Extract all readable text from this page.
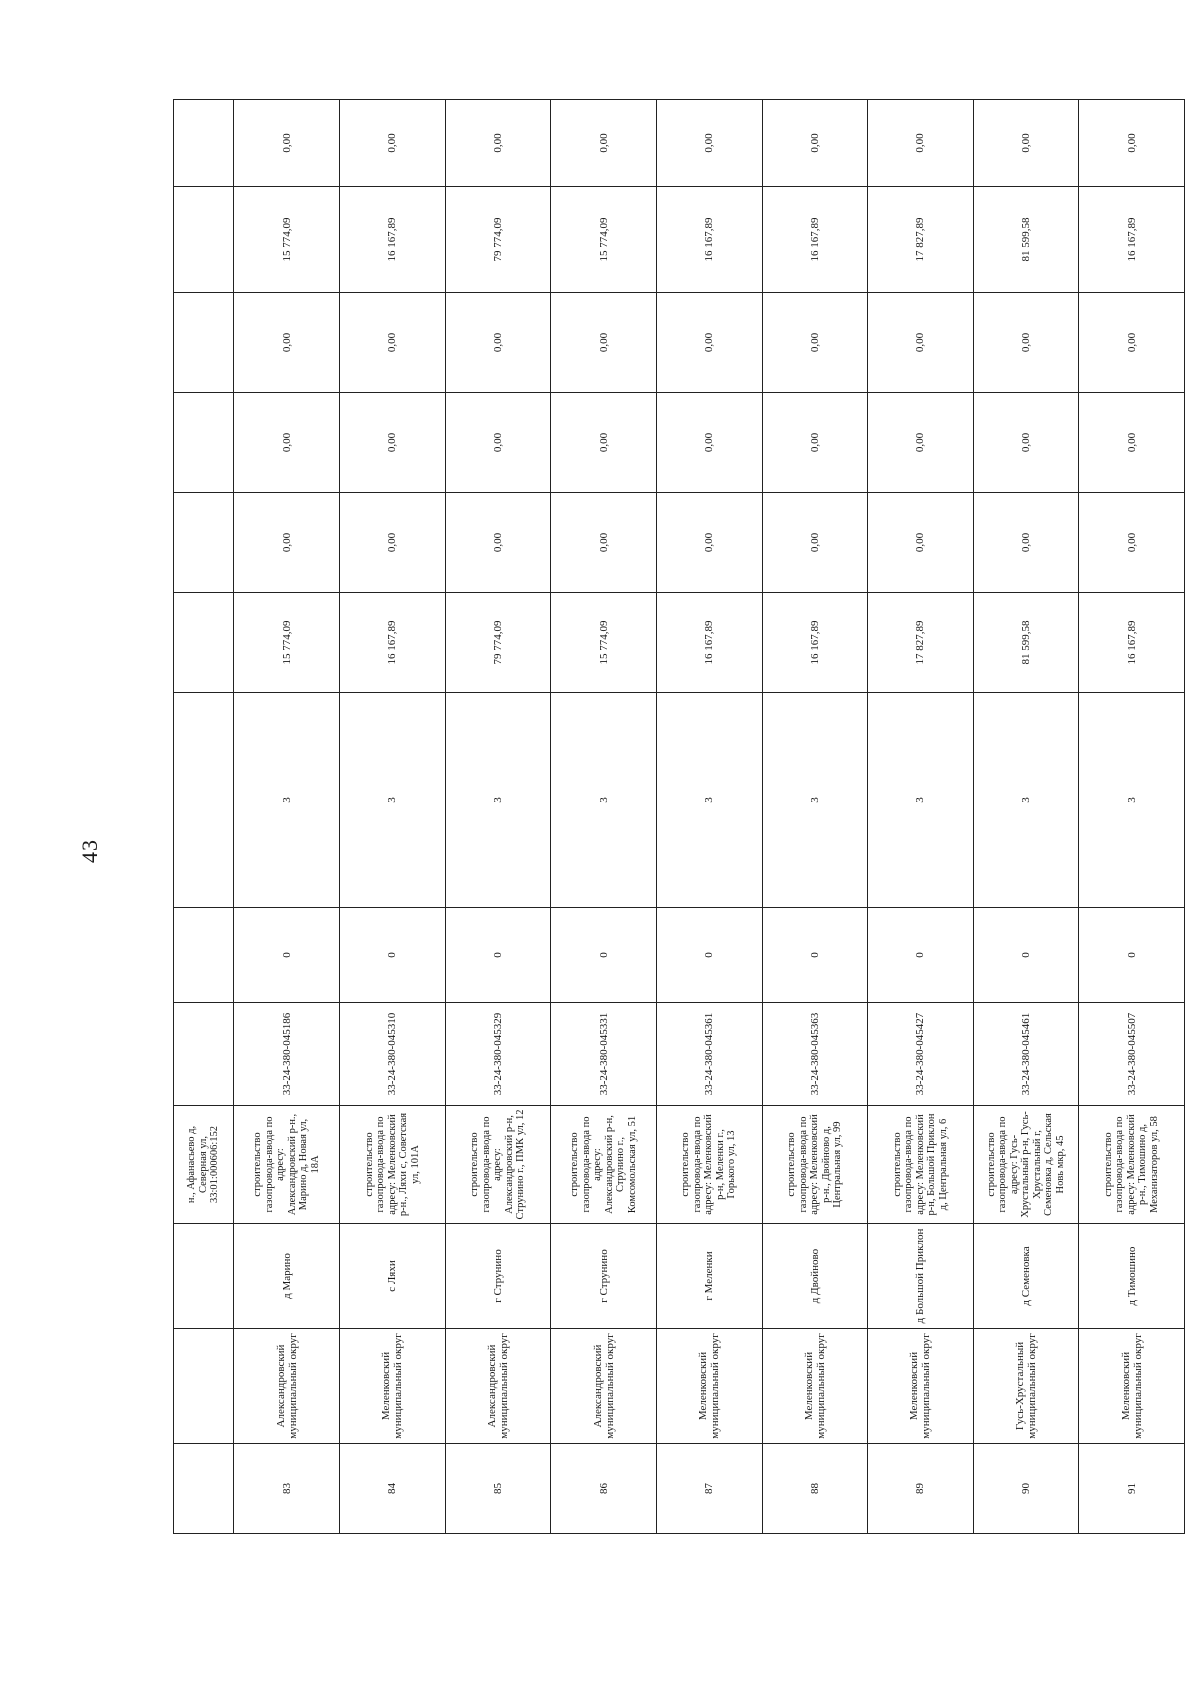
43
			н., Афанасьево д, Северная ул, 33:01:000606:152									
83	Александровский муниципальный округ	д Марино	строительство газопровода-ввода по адресу: Александровский р-н., Марино д, Новая ул, 18А	33-24-380-045186	0	3	15 774,09	0,00	0,00	0,00	15 774,09	0,00
84	Меленковский муниципальный округ	с Ляхи	строительство газопровода-ввода по адресу: Меленковский р-н., Ляхи с, Советская ул, 101А	33-24-380-045310	0	3	16 167,89	0,00	0,00	0,00	16 167,89	0,00
85	Александровский муниципальный округ	г Струнино	строительство газопровода-ввода по адресу: Александровский р-н, Струнино г., ПМК ул, 12	33-24-380-045329	0	3	79 774,09	0,00	0,00	0,00	79 774,09	0,00
86	Александровский муниципальный округ	г Струнино	строительство газопровода-ввода по адресу: Александровский р-н, Струнино г., Комсомольская ул, 51	33-24-380-045331	0	3	15 774,09	0,00	0,00	0,00	15 774,09	0,00
87	Меленковский муниципальный округ	г Меленки	строительство газопровода-ввода по адресу: Меленковский р-н, Меленки г., Горького ул, 13	33-24-380-045361	0	3	16 167,89	0,00	0,00	0,00	16 167,89	0,00
88	Меленковский муниципальный округ	д Двойново	строительство газопровода-ввода по адресу: Меленковский р-н., Двойново д, Центральная ул, 99	33-24-380-045363	0	3	16 167,89	0,00	0,00	0,00	16 167,89	0,00
89	Меленковский муниципальный округ	д Большой Приклон	строительство газопровода-ввода по адресу: Меленковский р-н, Большой Приклон д, Центральная ул, 6	33-24-380-045427	0	3	17 827,89	0,00	0,00	0,00	17 827,89	0,00
90	Гусь-Хрустальный муниципальный округ	д Семеновка	строительство газопровода-ввода по адресу: Гусь-Хрустальный р-н, Гусь-Хрустальный г, Семеновка д, Сельская Новь мкр, 45	33-24-380-045461	0	3	81 599,58	0,00	0,00	0,00	81 599,58	0,00
91	Меленковский муниципальный округ	д Тимошино	строительство газопровода-ввода по адресу: Меленковский р-н., Тимошино д, Механизаторов ул, 58	33-24-380-045507	0	3	16 167,89	0,00	0,00	0,00	16 167,89	0,00
